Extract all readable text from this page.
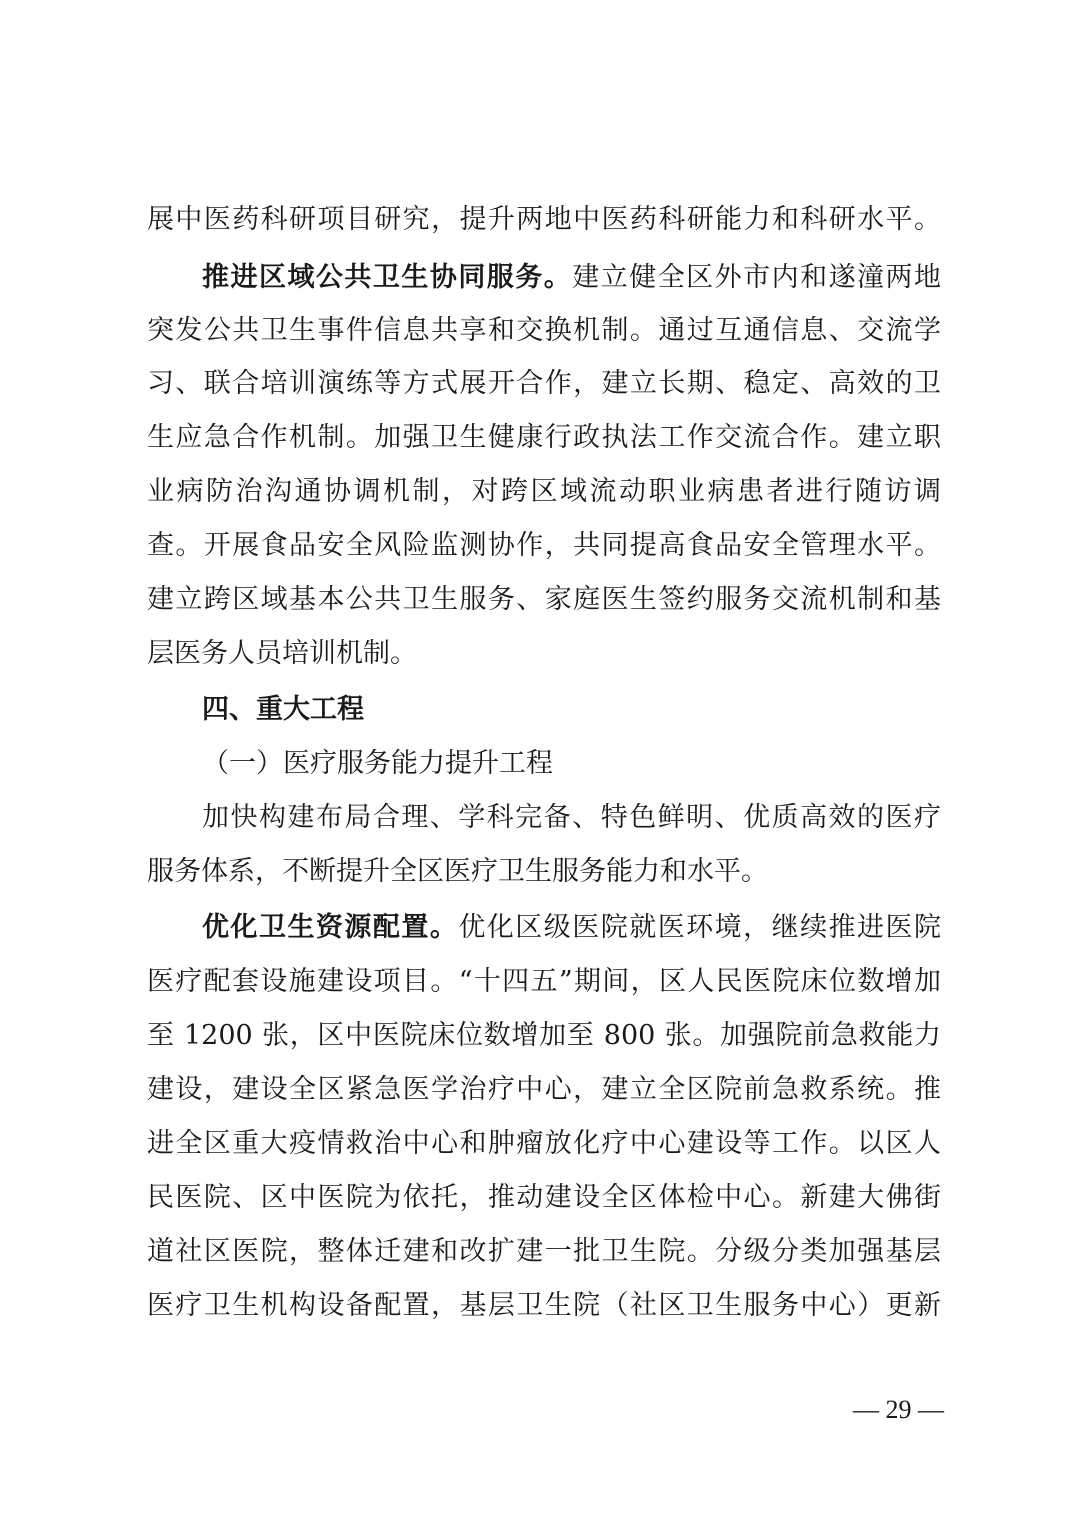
展中医药科研项目研究，提升两地中医药科研能力和科研水平。
推进区域公共卫生协同服务。建立健全区外市内和遂潼两地
突发公共卫生事件信息共享和交换机制。通过互通信息、交流学
习、联合培训演练等方式展开合作，建立长期、稳定、高效的卫
生应急合作机制。加强卫生健康行政执法工作交流合作。建立职
业病防治沟通协调机制，对跨区域流动职业病患者进行随访调
查。开展食品安全风险监测协作，共同提高食品安全管理水平。
建立跨区域基本公共卫生服务、家庭医生签约服务交流机制和基
层医务人员培训机制。
四、重大工程
（一）医疗服务能力提升工程
加快构建布局合理、学科完备、特色鲜明、优质高效的医疗
服务体系，不断提升全区医疗卫生服务能力和水平。
优化卫生资源配置。优化区级医院就医环境，继续推进医院
医疗配套设施建设项目。“十四五”期间，区人民医院床位数增加
至 1200 张，区中医院床位数增加至 800 张。加强院前急救能力
建设，建设全区紧急医学治疗中心，建立全区院前急救系统。推
进全区重大疫情救治中心和肿瘤放化疗中心建设等工作。以区人
民医院、区中医院为依托，推动建设全区体检中心。新建大佛街
道社区医院，整体迁建和改扩建一批卫生院。分级分类加强基层
医疗卫生机构设备配置，基层卫生院（社区卫生服务中心）更新
— 29 —
